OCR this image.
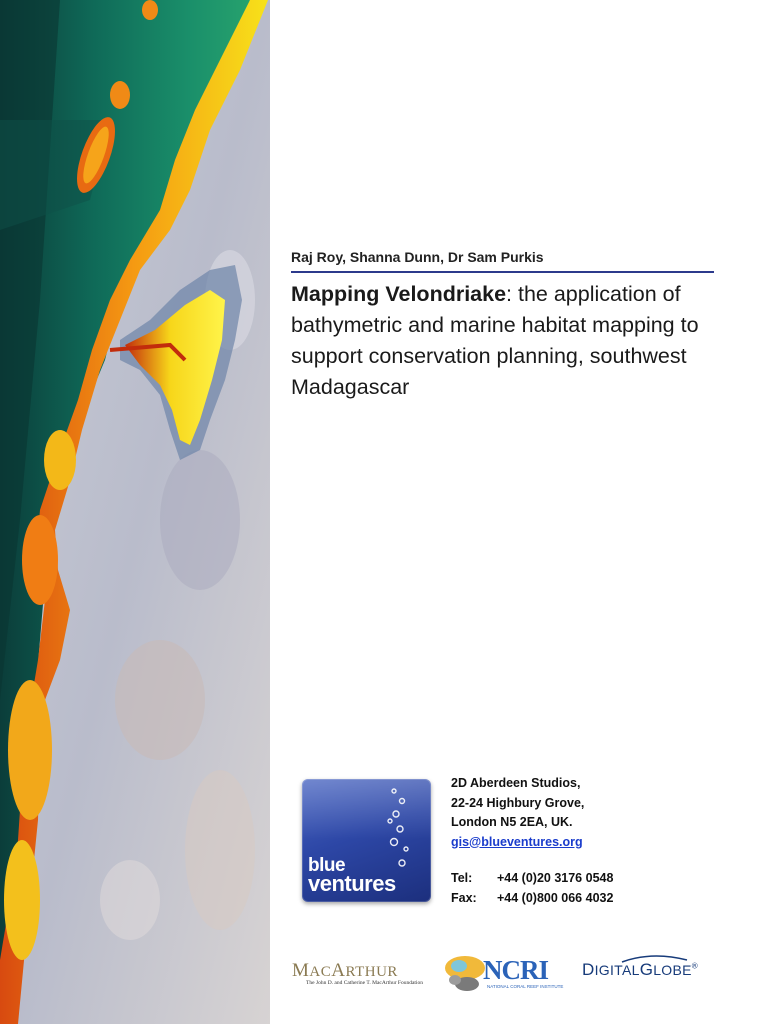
Raj Roy, Shanna Dunn, Dr Sam Purkis
Mapping Velondriake: the application of bathymetric and marine habitat mapping to support conservation planning, southwest Madagascar
blue
ventures
2D Aberdeen Studios,
22-24 Highbury Grove,
London N5 2EA, UK.
gis@blueventures.org
Tel:	+44 (0)20 3176 0548
Fax:	+44 (0)800 066 4032
MACARTHUR
The John D. and Catherine T. MacArthur Foundation NCRI
NATIONAL CORAL REEF INSTITUTE
DIGITALGLOBE®
